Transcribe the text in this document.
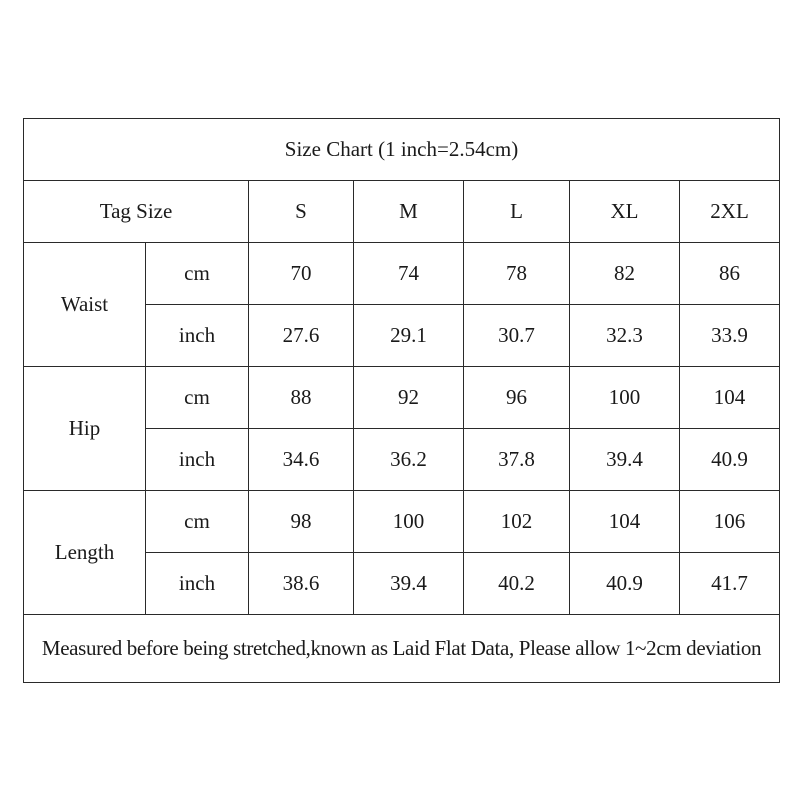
Size Chart (1 inch=2.54cm)						
Tag Size		S	M	L	XL	2XL
Waist	cm	70	74	78	82	86
	inch	27.6	29.1	30.7	32.3	33.9
Hip	cm	88	92	96	100	104
	inch	34.6	36.2	37.8	39.4	40.9
Length	cm	98	100	102	104	106
	inch	38.6	39.4	40.2	40.9	41.7
Measured before being stretched,known as Laid Flat Data, Please allow 1~2cm deviation						
